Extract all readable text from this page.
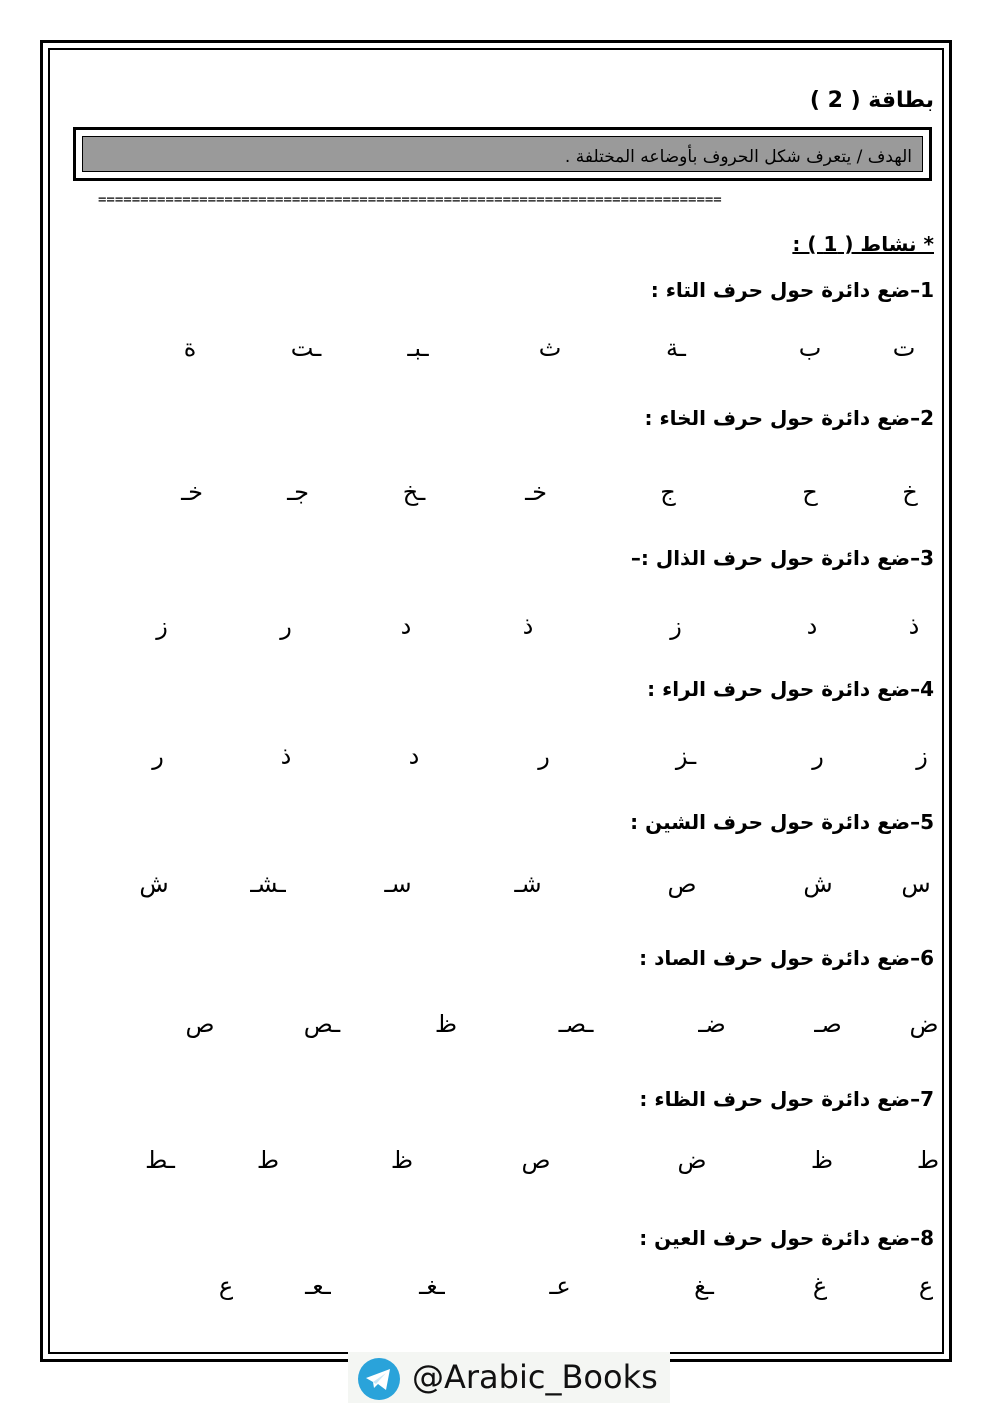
بطاقة ( 2 )
الهدف / يتعرف شكل الحروف بأوضاعه المختلفة .
==========================================================================
* نشاط ( 1 ) :
1–ضع دائرة حول حرف التاء :
2–ضع دائرة حول حرف الخاء :
3–ضع دائرة حول حرف الذال :–
4–ضع دائرة حول حرف الراء :
5–ضع دائرة حول حرف الشين :
6–ضع دائرة حول حرف الصاد :
7–ضع دائرة حول حرف الظاء :
8–ضع دائرة حول حرف العين :
ت
ب
ـة
ث
ـبـ
ـت
ة
خ
ح
ج
خـ
ـخ
جـ
خـ
ذ
د
ز
ذ
د
ر
ز
ز
ر
ـز
ر
د
ذ
ر
س
ش
ص
شـ
سـ
ـشـ
ش
ض
صـ
ضـ
ـصـ
ظ
ـص
ص
ط
ظ
ض
ص
ظ
ط
ـط
ع
غ
ـغ
عـ
ـغـ
ـعـ
ع
@Arabic_Books
